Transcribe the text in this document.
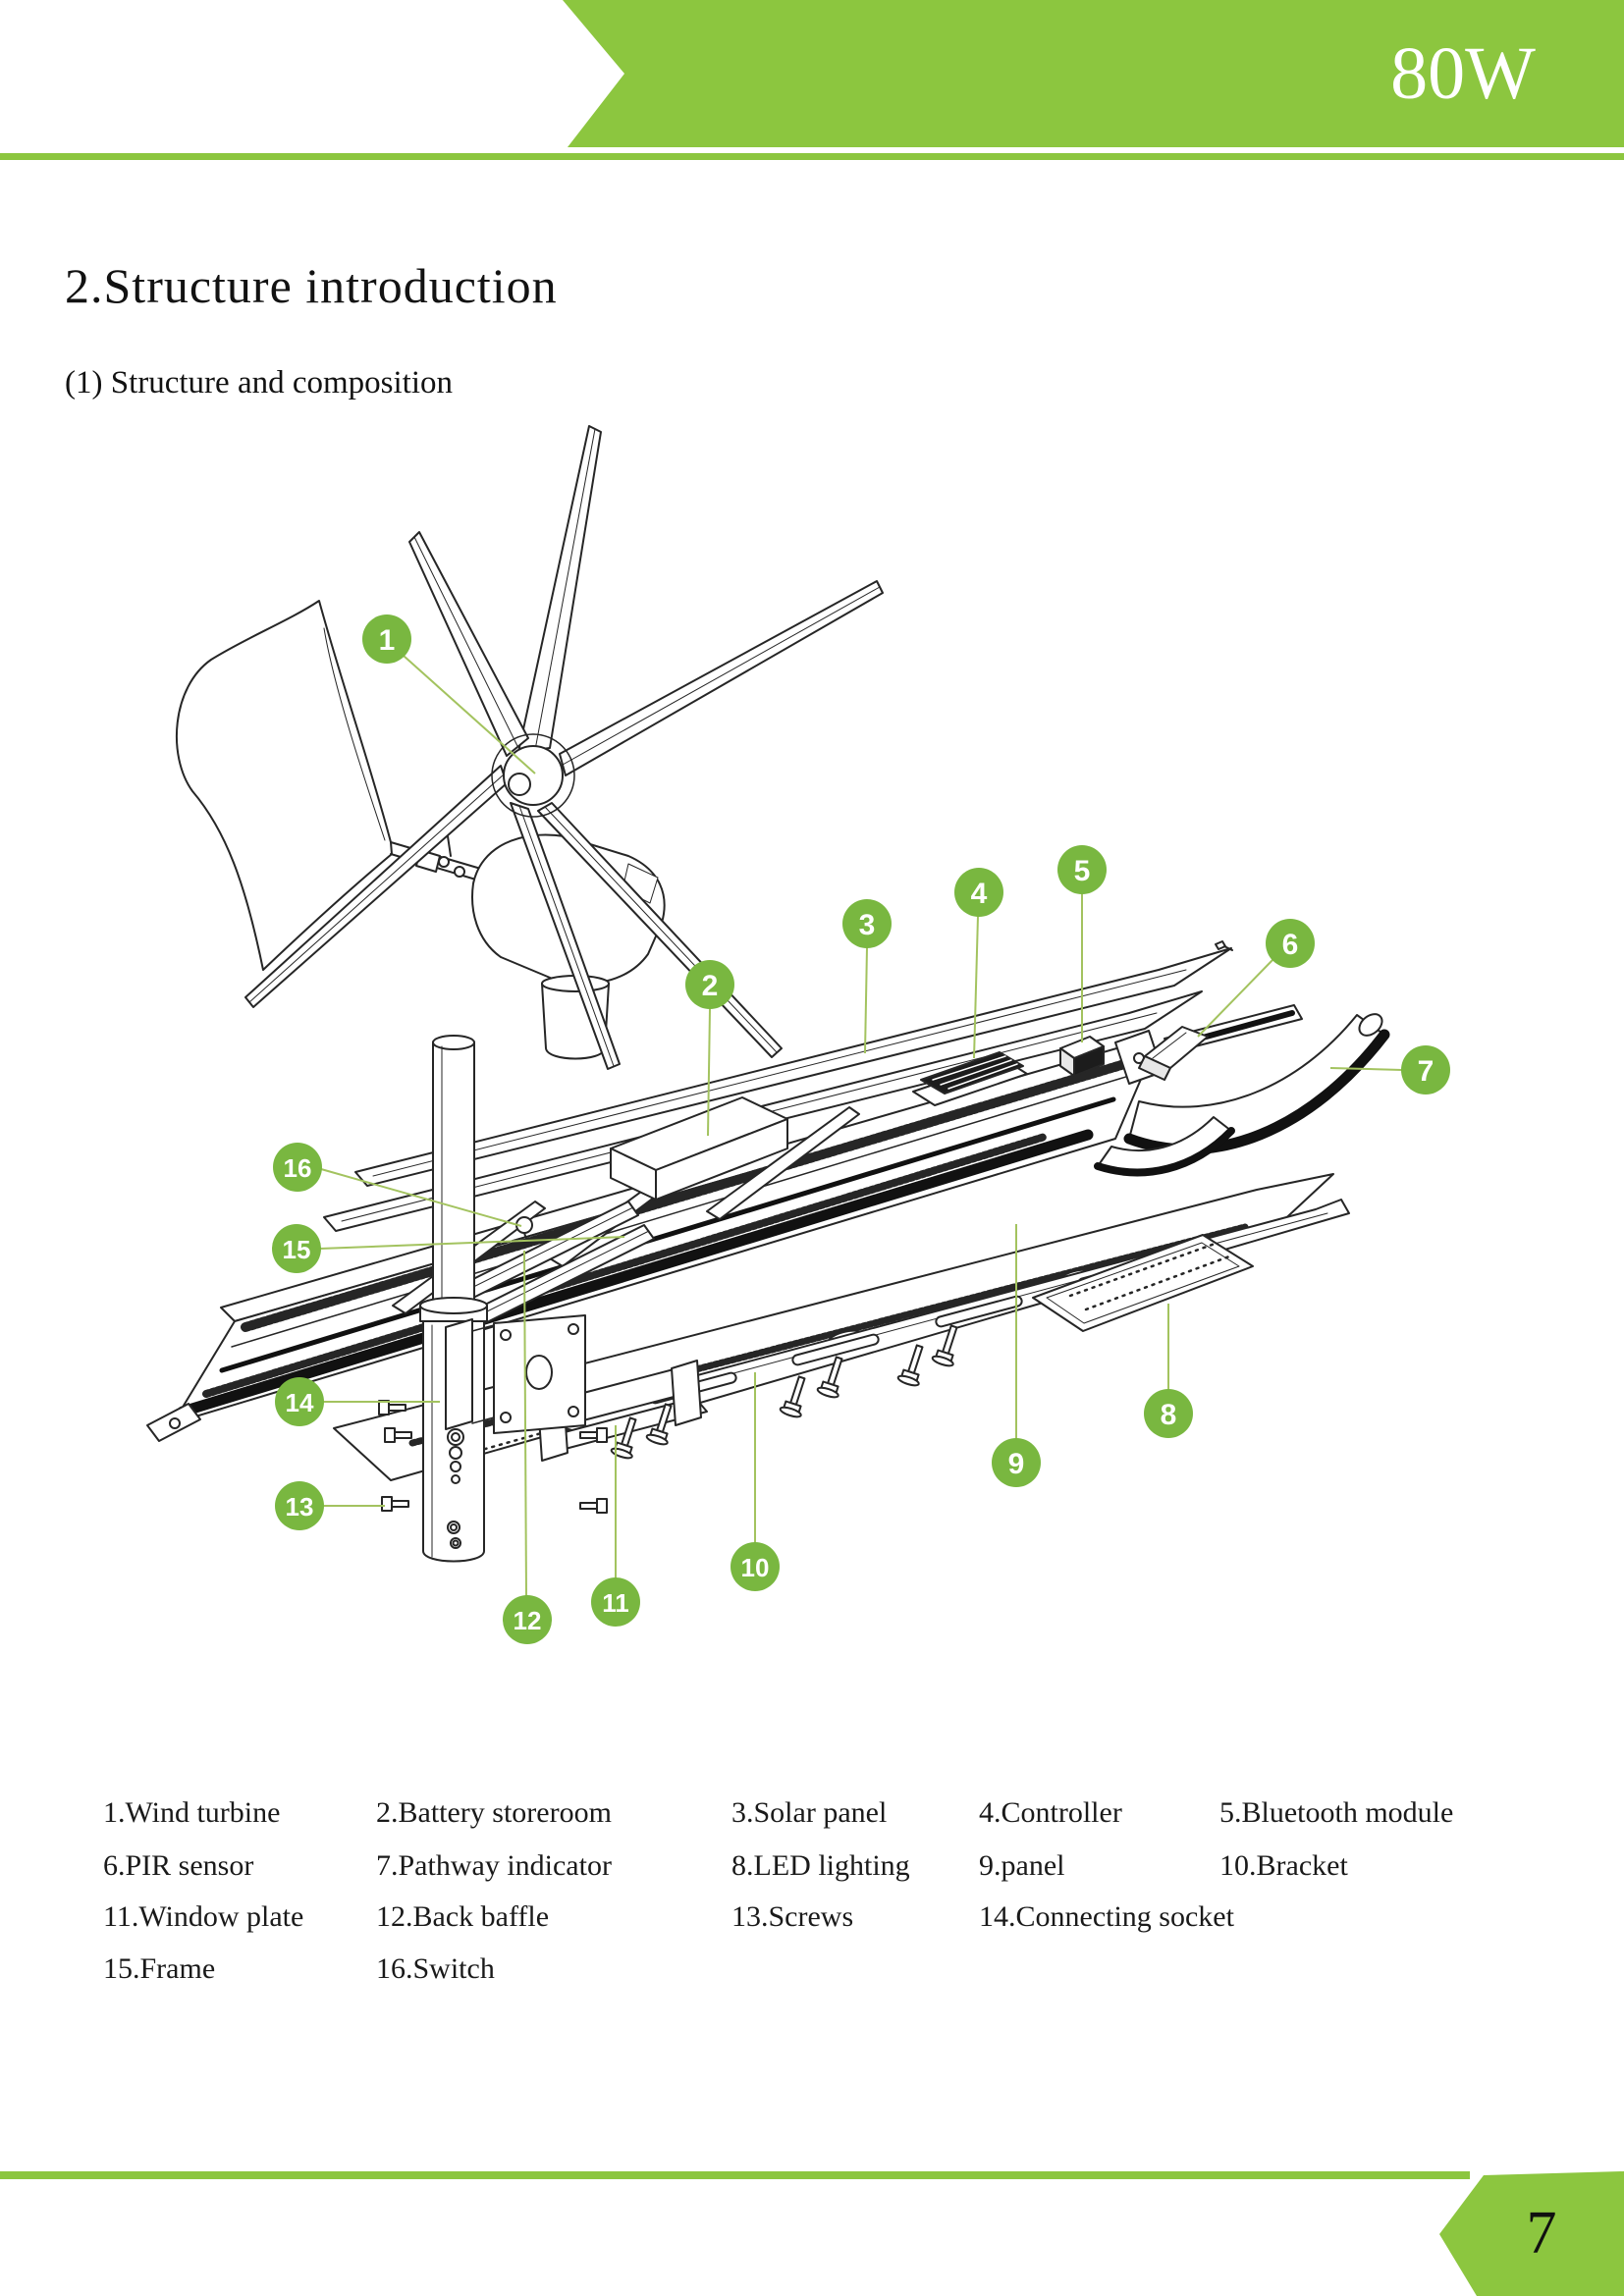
1
2
3
4
5
6
7
8
9
10
11
12
13
14
15
16
80W
2.Structure introduction
(1) Structure and composition
1.Wind turbine	2.Battery storeroom	3.Solar panel	4.Controller	5.Bluetooth module
6.PIR sensor	7.Pathway indicator	8.LED lighting 9.panel	10.Bracket
11.Window plate 12.Back baffle	13.Screws	14.Connecting socket
15.Frame	16.Switch
7
